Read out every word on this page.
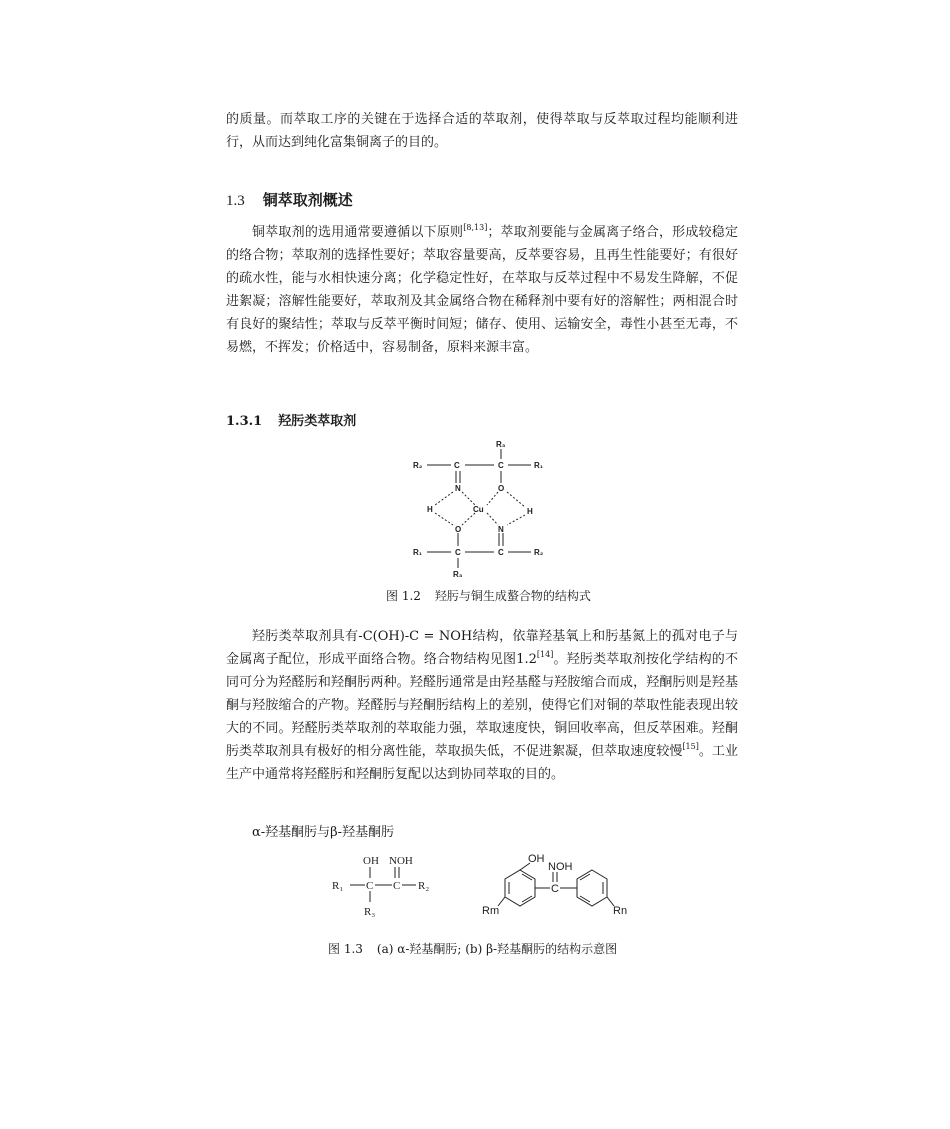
的质量。而萃取工序的关键在于选择合适的萃取剂，使得萃取与反萃取过程均能顺利进行，从而达到纯化富集铜离子的目的。

1.3 铜萃取剂概述

铜萃取剂的选用通常要遵循以下原则[8,13]；萃取剂要能与金属离子络合，形成较稳定的络合物；萃取剂的选择性要好；萃取容量要高，反萃要容易，且再生性能要好；有很好的疏水性，能与水相快速分离；化学稳定性好，在萃取与反萃过程中不易发生降解，不促进絮凝；溶解性能要好，萃取剂及其金属络合物在稀释剂中要有好的溶解性；两相混合时有良好的聚结性；萃取与反萃平衡时间短；储存、使用、运输安全，毒性小甚至无毒，不易燃，不挥发；价格适中，容易制备，原料来源丰富。

1.3.1 羟肟类萃取剂
R₃
R₂	C	C	R₁
N	O
H	Cu	H
O	N
R₁	C	C	R₂
R₃

图 1.2 羟肟与铜生成螯合物的结构式

羟肟类萃取剂具有-C(OH)-C = NOH结构，依靠羟基氧上和肟基氮上的孤对电子与金属离子配位，形成平面络合物。络合物结构见图1.2[14]。羟肟类萃取剂按化学结构的不同可分为羟醛肟和羟酮肟两种。羟醛肟通常是由羟基醛与羟胺缩合而成，羟酮肟则是羟基酮与羟胺缩合的产物。羟醛肟与羟酮肟结构上的差别，使得它们对铜的萃取性能表现出较大的不同。羟醛肟类萃取剂的萃取能力强，萃取速度快，铜回收率高，但反萃困难。羟酮肟类萃取剂具有极好的相分离性能，萃取损失低，不促进絮凝，但萃取速度较慢[15]。工业生产中通常将羟醛肟和羟酮肟复配以达到协同萃取的目的。

α-羟基酮肟与β-羟基酮肟

OH NOH
R₁ C C R₂
R₃
OH
NOH
C
Rm	Rn

图 1.3 (a) α-羟基酮肟; (b) β-羟基酮肟的结构示意图
